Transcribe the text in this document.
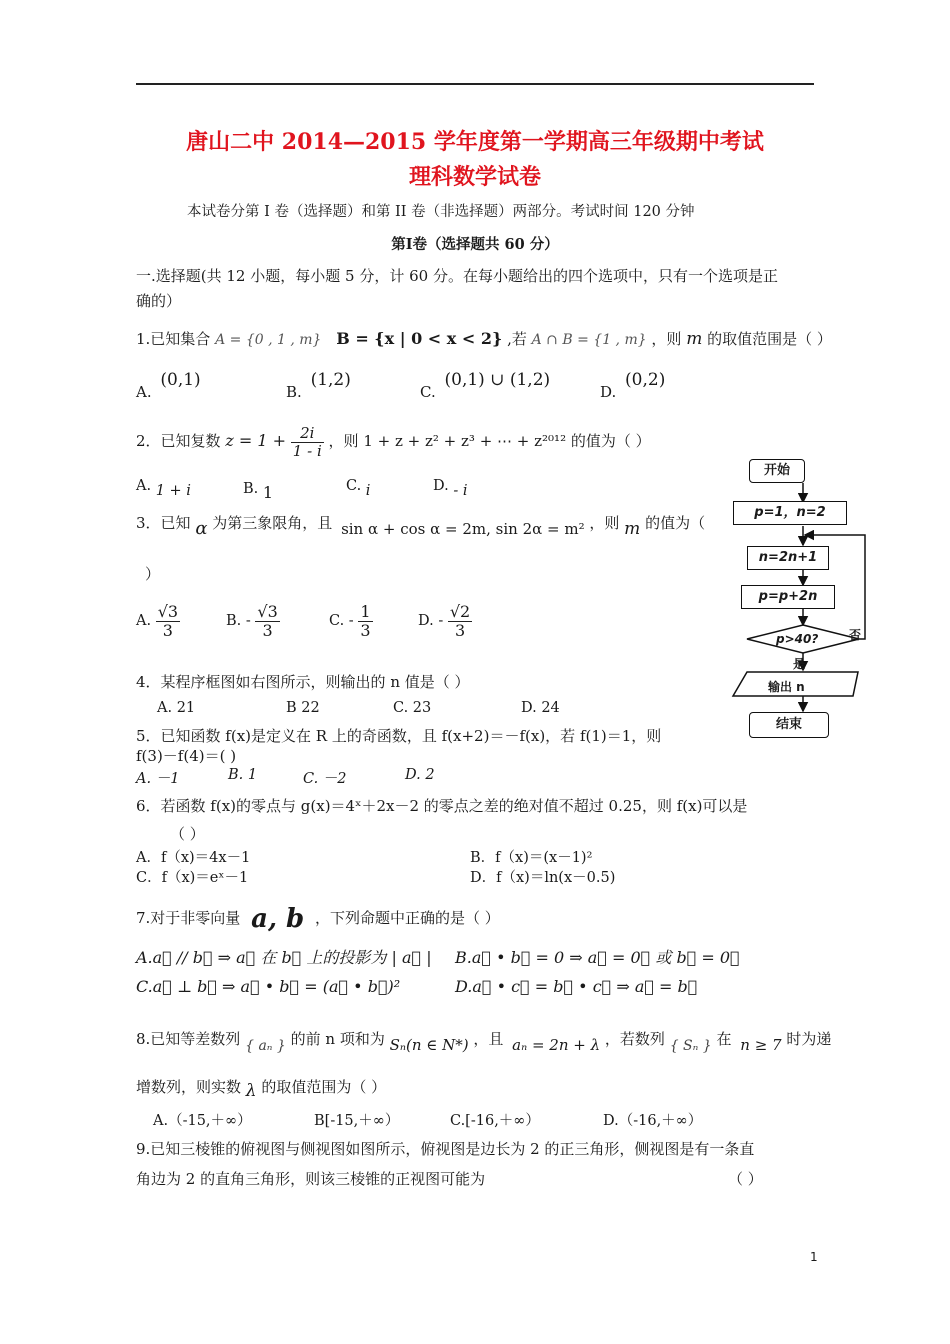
唐山二中 2014—2015 学年度第一学期高三年级期中考试
理科数学试卷
本试卷分第 I 卷（选择题）和第 II 卷（非选择题）两部分。考试时间 120 分钟
第Ⅰ卷（选择题共 60 分）
一.选择题(共 12 小题，每小题 5 分，计 60 分。在每小题给出的四个选项中，只有一个选项是正
确的）
1.已知集合 A = {0 , 1 , m} B = {x | 0 < x < 2} ,若 A ∩ B = {1 , m} ，则 m 的取值范围是（ ）
A. (0,1)
B. (1,2)
C. (0,1) ∪ (1,2)
D. (0,2)
2．已知复数 $z = 1 + \frac{2i}{1 - i}$ ，则 1 + z + z² + z³ + ⋯ + z²⁰¹² 的值为（ ）
A. 1 + i	B. 1	C. i	D. - i
3．已知 α 为第三象限角，且 sin α + cos α = 2m, sin 2α = m² ，则 m 的值为（
）
A. $\frac{√3}{3}$	B. - $\frac{√3}{3}$	C. - $\frac{1}{3}$	D. - $\frac{√2}{3}$
4．某程序框图如右图所示，则输出的 n 值是（ ）
A. 21	B 22	C. 23	D. 24
5．已知函数 f(x)是定义在 R 上的奇函数，且 f(x+2)＝－f(x)，若 f(1)＝1，则
f(3)－f(4)＝( )
A. －1	B. 1	C. －2	D. 2
6．若函数 f(x)的零点与 g(x)＝4ˣ＋2x－2 的零点之差的绝对值不超过 0.25，则 f(x)可以是
（ ）
A．f（x)＝4x－1	B．f（x)＝(x－1)²
C．f（x)＝eˣ－1	D．f（x)＝ln(x－0.5)
7.对于非零向量 a, b ，下列命题中正确的是（ ）
A.a⃗ // b⃗ ⇒ a⃗ 在 b⃗ 上的投影为 | a⃗ | B.a⃗ • b⃗ = 0 ⇒ a⃗ = 0⃗ 或 b⃗ = 0⃗
C.a⃗ ⊥ b⃗ ⇒ a⃗ • b⃗ = (a⃗ • b⃗)²	D.a⃗ • c⃗ = b⃗ • c⃗ ⇒ a⃗ = b⃗
8.已知等差数列 { aₙ } 的前 n 项和为 Sₙ(n ∈ N*) ，且 aₙ = 2n + λ ，若数列 { Sₙ } 在 n ≥ 7 时为递
增数列，则实数 λ 的取值范围为（ ）
A.（-15,＋∞）	B[-15,＋∞）	C.[-16,＋∞）	D.（-16,＋∞）
9.已知三棱锥的俯视图与侧视图如图所示，俯视图是边长为 2 的正三角形，侧视图是有一条直
角边为 2 的直角三角形，则该三棱锥的正视图可能为	（ ）
开始
p=1，n=2
n=2n+1
p=p+2n
p>40?	否
是
输出 n
结束
1
